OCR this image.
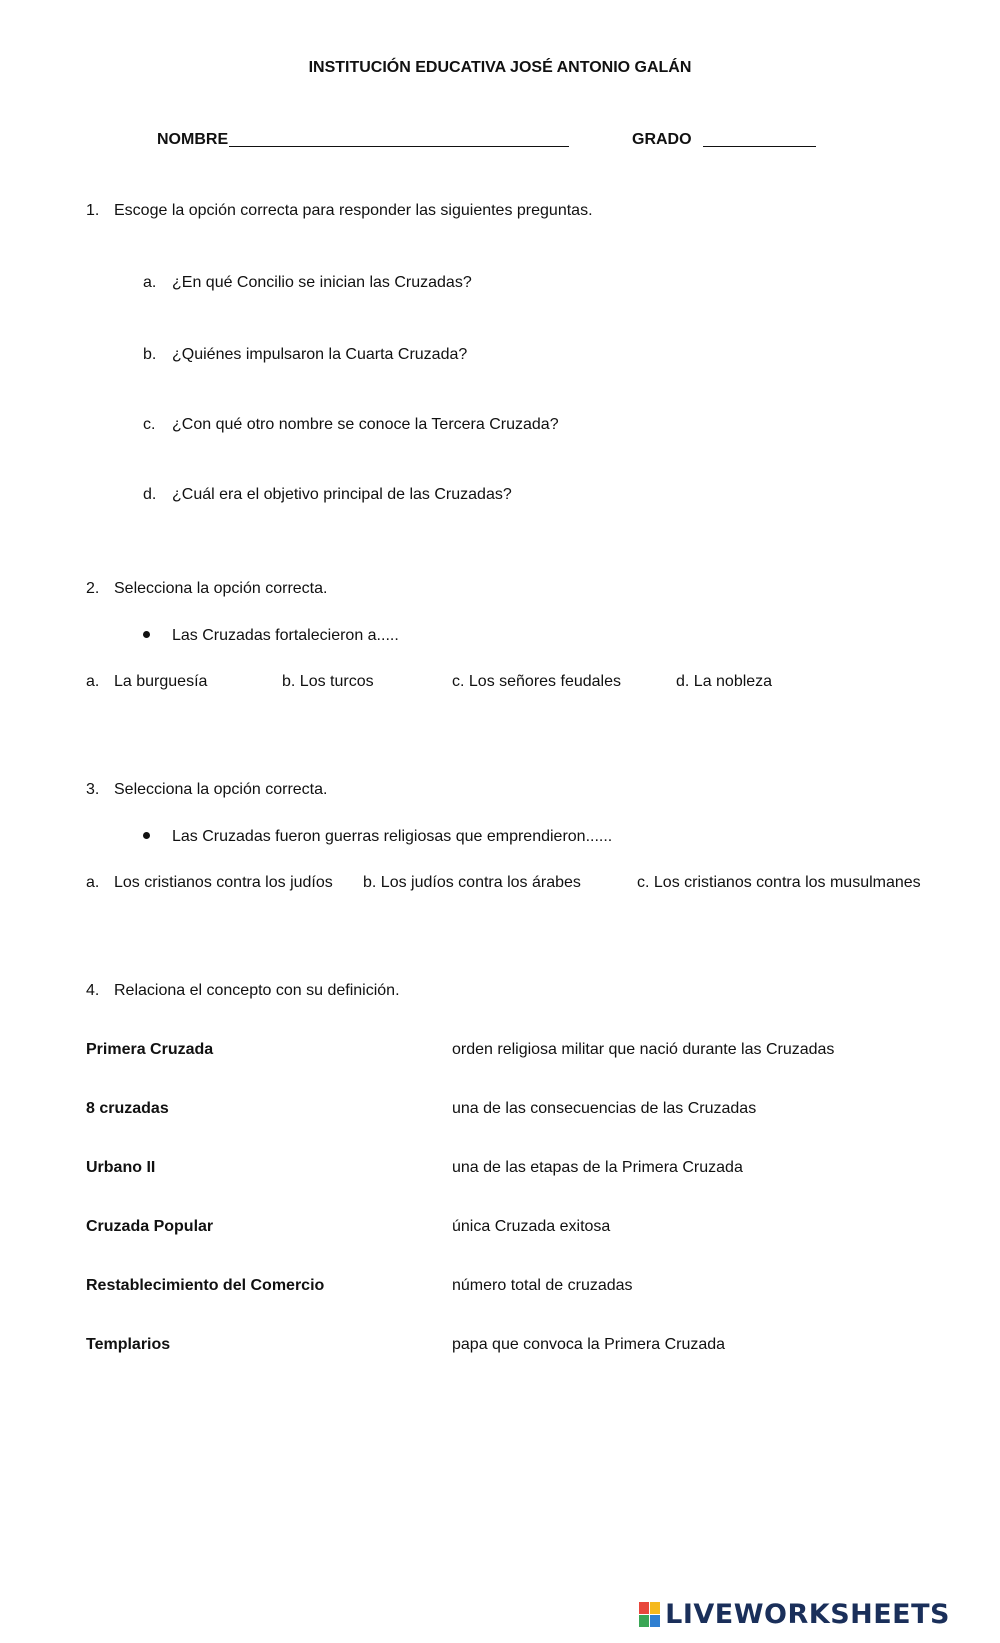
INSTITUCIÓN EDUCATIVA JOSÉ ANTONIO GALÁN
NOMBRE	GRADO
1. Escoge la opción correcta para responder las siguientes preguntas.
a. ¿En qué Concilio se inician las Cruzadas?
b. ¿Quiénes impulsaron la Cuarta Cruzada?
c. ¿Con qué otro nombre se conoce la Tercera Cruzada?
d. ¿Cuál era el objetivo principal de las Cruzadas?
2. Selecciona la opción correcta.
Las Cruzadas fortalecieron a.....
a. La burguesía	b. Los turcos	c. Los señores feudales	d. La nobleza
3. Selecciona la opción correcta.
Las Cruzadas fueron guerras religiosas que emprendieron......
a. Los cristianos contra los judíos b. Los judíos contra los árabes	c. Los cristianos contra los musulmanes
4. Relaciona el concepto con su definición.
Primera Cruzada	orden religiosa militar que nació durante las Cruzadas
8 cruzadas	una de las consecuencias de las Cruzadas
Urbano II	una de las etapas de la Primera Cruzada
Cruzada Popular	única Cruzada exitosa
Restablecimiento del Comercio	número total de cruzadas
Templarios	papa que convoca la Primera Cruzada
LIVEWORKSHEETS
